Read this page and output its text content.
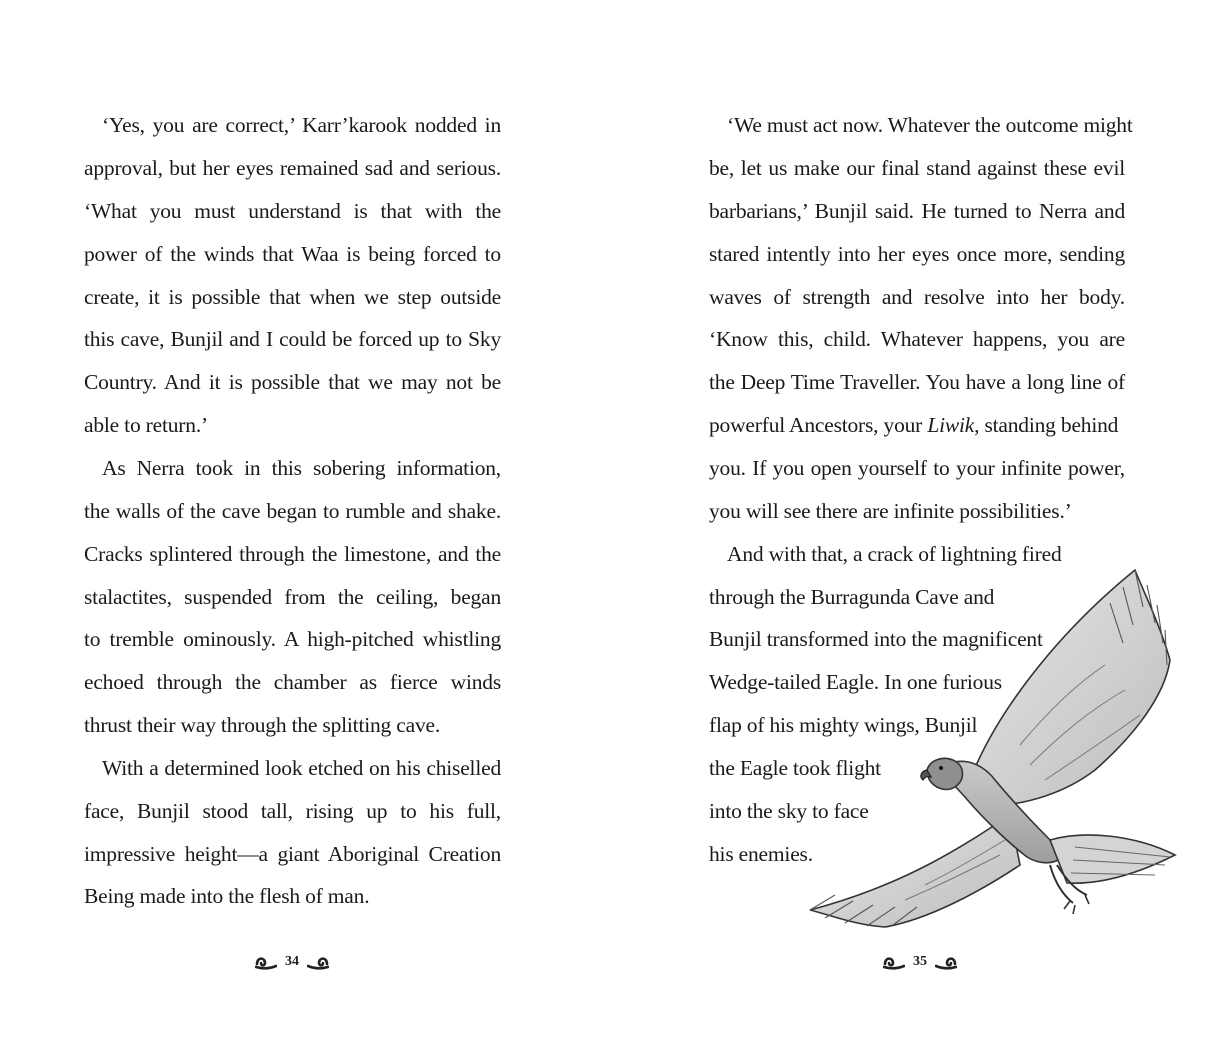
‘Yes, you are correct,’ Karr’karook nodded in
approval, but her eyes remained sad and serious.
‘What you must understand is that with the
power of the winds that Waa is being forced to
create, it is possible that when we step outside
this cave, Bunjil and I could be forced up to Sky
Country. And it is possible that we may not be
able to return.’
As Nerra took in this sobering information,
the walls of the cave began to rumble and shake.
Cracks splintered through the limestone, and the
stalactites, suspended from the ceiling, began
to tremble ominously. A high-pitched whistling
echoed through the chamber as fierce winds
thrust their way through the splitting cave.
With a determined look etched on his chiselled
face, Bunjil stood tall, rising up to his full,
impressive height—a giant Aboriginal Creation
Being made into the flesh of man.
34
‘We must act now. Whatever the outcome might
be, let us make our final stand against these evil
barbarians,’ Bunjil said. He turned to Nerra and
stared intently into her eyes once more, sending
waves of strength and resolve into her body.
‘Know this, child. Whatever happens, you are
the Deep Time Traveller. You have a long line of
powerful Ancestors, your Liwik, standing behind
you. If you open yourself to your infinite power,
you will see there are infinite possibilities.’
And with that, a crack of lightning fired
through the Burragunda Cave and
Bunjil transformed into the magnificent
Wedge-tailed Eagle. In one furious
flap of his mighty wings, Bunjil
the Eagle took flight
into the sky to face
his enemies.
35
